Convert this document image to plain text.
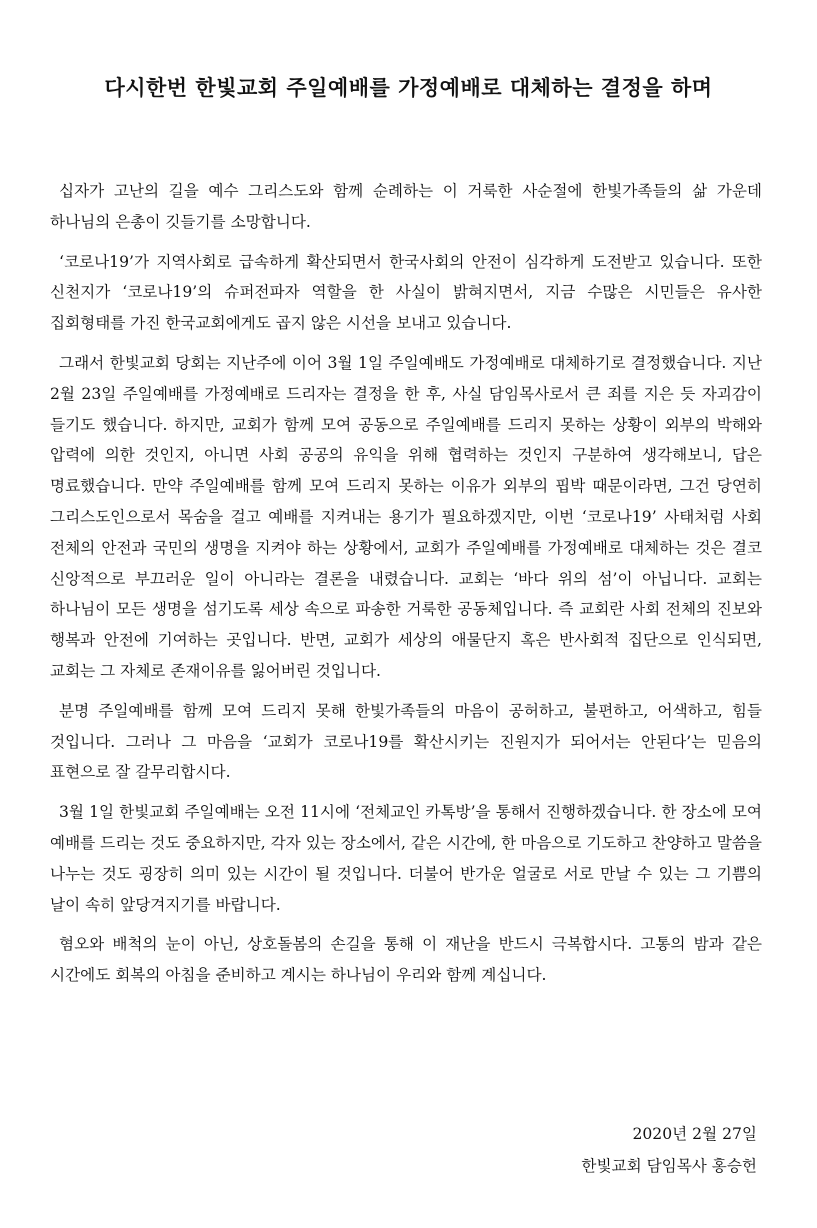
다시한번 한빛교회 주일예배를 가정예배로 대체하는 결정을 하며

십자가 고난의 길을 예수 그리스도와 함께 순례하는 이 거룩한 사순절에 한빛가족들의 삶 가운데 하나님의 은총이 깃들기를 소망합니다.

‘코로나19’가 지역사회로 급속하게 확산되면서 한국사회의 안전이 심각하게 도전받고 있습니다. 또한 신천지가 ‘코로나19’의 슈퍼전파자 역할을 한 사실이 밝혀지면서, 지금 수많은 시민들은 유사한 집회형태를 가진 한국교회에게도 곱지 않은 시선을 보내고 있습니다.

그래서 한빛교회 당회는 지난주에 이어 3월 1일 주일예배도 가정예배로 대체하기로 결정했습니다. 지난 2월 23일 주일예배를 가정예배로 드리자는 결정을 한 후, 사실 담임목사로서 큰 죄를 지은 듯 자괴감이 들기도 했습니다. 하지만, 교회가 함께 모여 공동으로 주일예배를 드리지 못하는 상황이 외부의 박해와 압력에 의한 것인지, 아니면 사회 공공의 유익을 위해 협력하는 것인지 구분하여 생각해보니, 답은 명료했습니다. 만약 주일예배를 함께 모여 드리지 못하는 이유가 외부의 핍박 때문이라면, 그건 당연히 그리스도인으로서 목숨을 걸고 예배를 지켜내는 용기가 필요하겠지만, 이번 ‘코로나19’ 사태처럼 사회 전체의 안전과 국민의 생명을 지켜야 하는 상황에서, 교회가 주일예배를 가정예배로 대체하는 것은 결코 신앙적으로 부끄러운 일이 아니라는 결론을 내렸습니다. 교회는 ‘바다 위의 섬’이 아닙니다. 교회는 하나님이 모든 생명을 섬기도록 세상 속으로 파송한 거룩한 공동체입니다. 즉 교회란 사회 전체의 진보와 행복과 안전에 기여하는 곳입니다. 반면, 교회가 세상의 애물단지 혹은 반사회적 집단으로 인식되면, 교회는 그 자체로 존재이유를 잃어버린 것입니다.

분명 주일예배를 함께 모여 드리지 못해 한빛가족들의 마음이 공허하고, 불편하고, 어색하고, 힘들 것입니다. 그러나 그 마음을 ‘교회가 코로나19를 확산시키는 진원지가 되어서는 안된다’는 믿음의 표현으로 잘 갈무리합시다.

3월 1일 한빛교회 주일예배는 오전 11시에 ‘전체교인 카톡방’을 통해서 진행하겠습니다. 한 장소에 모여 예배를 드리는 것도 중요하지만, 각자 있는 장소에서, 같은 시간에, 한 마음으로 기도하고 찬양하고 말씀을 나누는 것도 굉장히 의미 있는 시간이 될 것입니다. 더불어 반가운 얼굴로 서로 만날 수 있는 그 기쁨의 날이 속히 앞당겨지기를 바랍니다.

혐오와 배척의 눈이 아닌, 상호돌봄의 손길을 통해 이 재난을 반드시 극복합시다. 고통의 밤과 같은 시간에도 회복의 아침을 준비하고 계시는 하나님이 우리와 함께 계십니다.

2020년 2월 27일
한빛교회 담임목사 홍승헌
